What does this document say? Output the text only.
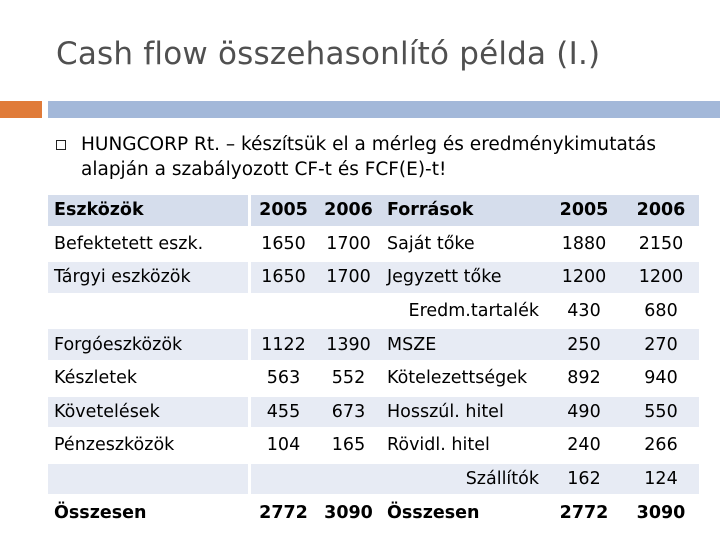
Cash flow összehasonlító példa (I.)
HUNGCORP Rt. – készítsük el a mérleg és eredménykimutatás alapján a szabályozott CF-t és FCF(E)-t!
Eszközök	2005	2006	Források	2005	2006
Befektetett eszk.	1650	1700	Saját tőke	1880	2150
Tárgyi eszközök	1650	1700	Jegyzett tőke	1200	1200
			Eredm.tartalék	430	680
Forgóeszközök	1122	1390	MSZE	250	270
Készletek	563	552	Kötelezettségek	892	940
Követelések	455	673	Hosszúl. hitel	490	550
Pénzeszközök	104	165	Rövidl. hitel	240	266
			Szállítók	162	124
Összesen	2772	3090	Összesen	2772	3090
